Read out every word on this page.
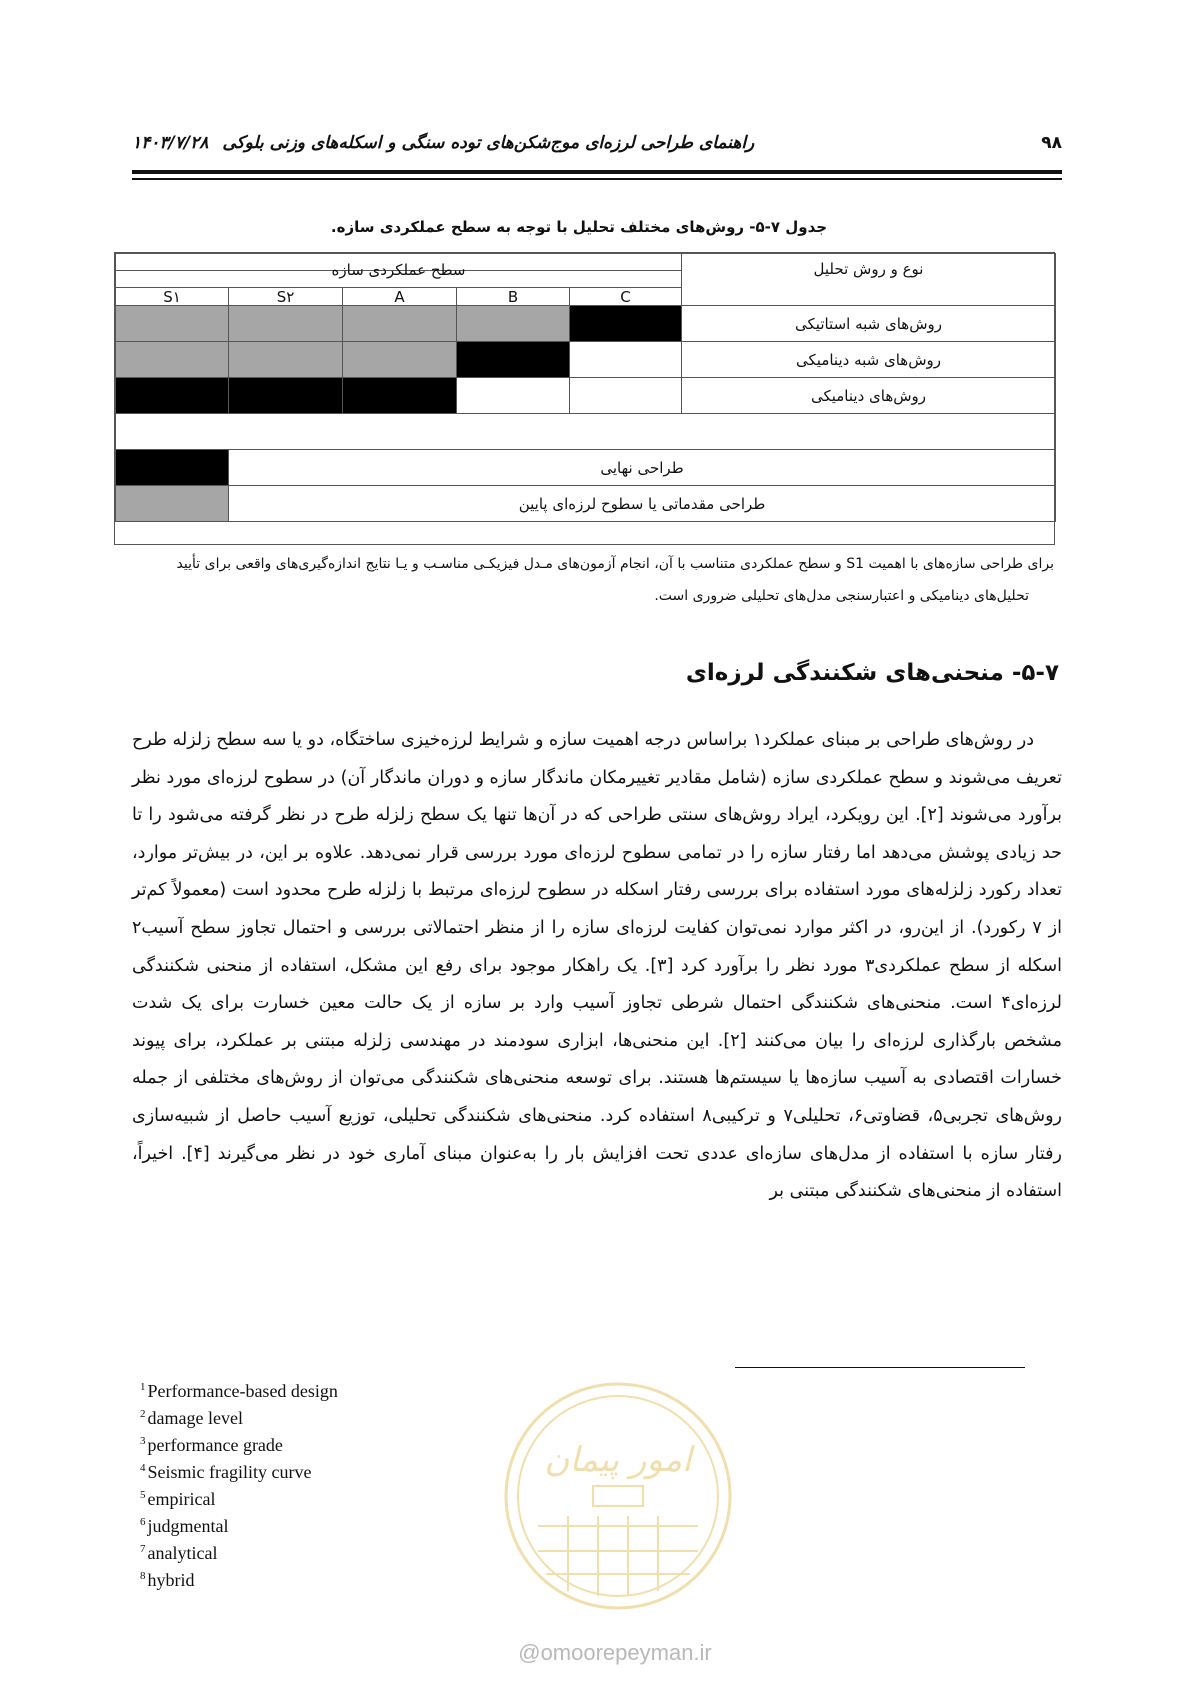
۹۸
راهنمای طراحی لرزه‌ای موج‌شکن‌های توده سنگی و اسکله‌های وزنی بلوکی
۱۴۰۳/۷/۲۸
جدول ۷-۵- روش‌های مختلف تحلیل با توجه به سطح عملکردی سازه.
نوع و روش تحلیل
سطح عملکردی سازه
C
B
A
S۲
S۱
روش‌های شبه استاتیکی
روش‌های شبه دینامیکی
روش‌های دینامیکی
طراحی نهایی
طراحی مقدماتی یا سطوح لرزه‌ای پایین
برای طراحی سازه‌های با اهمیت S1 و سطح عملکردی متناسب با آن، انجام آزمون‌های مـدل فیزیکـی مناسـب و یـا نتایج اندازه‌گیری‌های واقعی برای تأیید
تحلیل‌های دینامیکی و اعتبارسنجی مدل‌های تحلیلی ضروری است.
۵-۷- منحنی‌های شکنندگی لرزه‌ای

در روش‌های طراحی بر مبنای عملکرد۱ براساس درجه اهمیت سازه و شرایط لرزه‌خیزی ساختگاه، دو یا سه سطح زلزله طرح تعریف می‌شوند و سطح عملکردی سازه (شامل مقادیر تغییرمکان ماندگار سازه و دوران ماندگار آن) در سطوح لرزه‌ای مورد نظر برآورد می‌شوند [۲]. این رویکرد، ایراد روش‌های سنتی طراحی که در آن‌ها تنها یک سطح زلزله طرح در نظر گرفته می‌شود را تا حد زیادی پوشش می‌دهد اما رفتار سازه را در تمامی سطوح لرزه‌ای مورد بررسی قرار نمی‌دهد. علاوه بر این، در بیش‌تر موارد، تعداد رکورد زلزله‌های مورد استفاده برای بررسی رفتار اسکله در سطوح لرزه‌ای مرتبط با زلزله طرح محدود است (معمولاً کم‌تر از ۷ رکورد). از این‌رو، در اکثر موارد نمی‌توان کفایت لرزه‌ای سازه را از منظر احتمالاتی بررسی و احتمال تجاوز سطح آسیب۲ اسکله از سطح عملکردی۳ مورد نظر را برآورد کرد [۳]. یک راهکار موجود برای رفع این مشکل، استفاده از منحنی شکنندگی لرزه‌ای۴ است. منحنی‌های شکنندگی احتمال شرطی تجاوز آسیب وارد بر سازه از یک حالت معین خسارت برای یک شدت مشخص بارگذاری لرزه‌ای را بیان می‌کنند [۲]. این منحنی‌ها، ابزاری سودمند در مهندسی زلزله مبتنی بر عملکرد، برای پیوند خسارات اقتصادی به آسیب سازه‌ها یا سیستم‌ها هستند. برای توسعه منحنی‌های شکنندگی می‌توان از روش‌های مختلفی از جمله روش‌های تجربی۵، قضاوتی۶، تحلیلی۷ و ترکیبی۸ استفاده کرد. منحنی‌های شکنندگی تحلیلی، توزیع آسیب حاصل از شبیه‌سازی رفتار سازه با استفاده از مدل‌های سازه‌ای عددی تحت افزایش بار را به‌عنوان مبنای آماری خود در نظر می‌گیرند [۴]. اخیراً، استفاده از منحنی‌های شکنندگی مبتنی بر

$^1$ Performance-based design
$^2$ damage level
$^3$ performance grade
$^4$ Seismic fragility curve
$^5$ empirical
$^6$ judgmental
$^7$ analytical
$^8$ hybrid
امور پیمان
@omoorepeyman.ir
